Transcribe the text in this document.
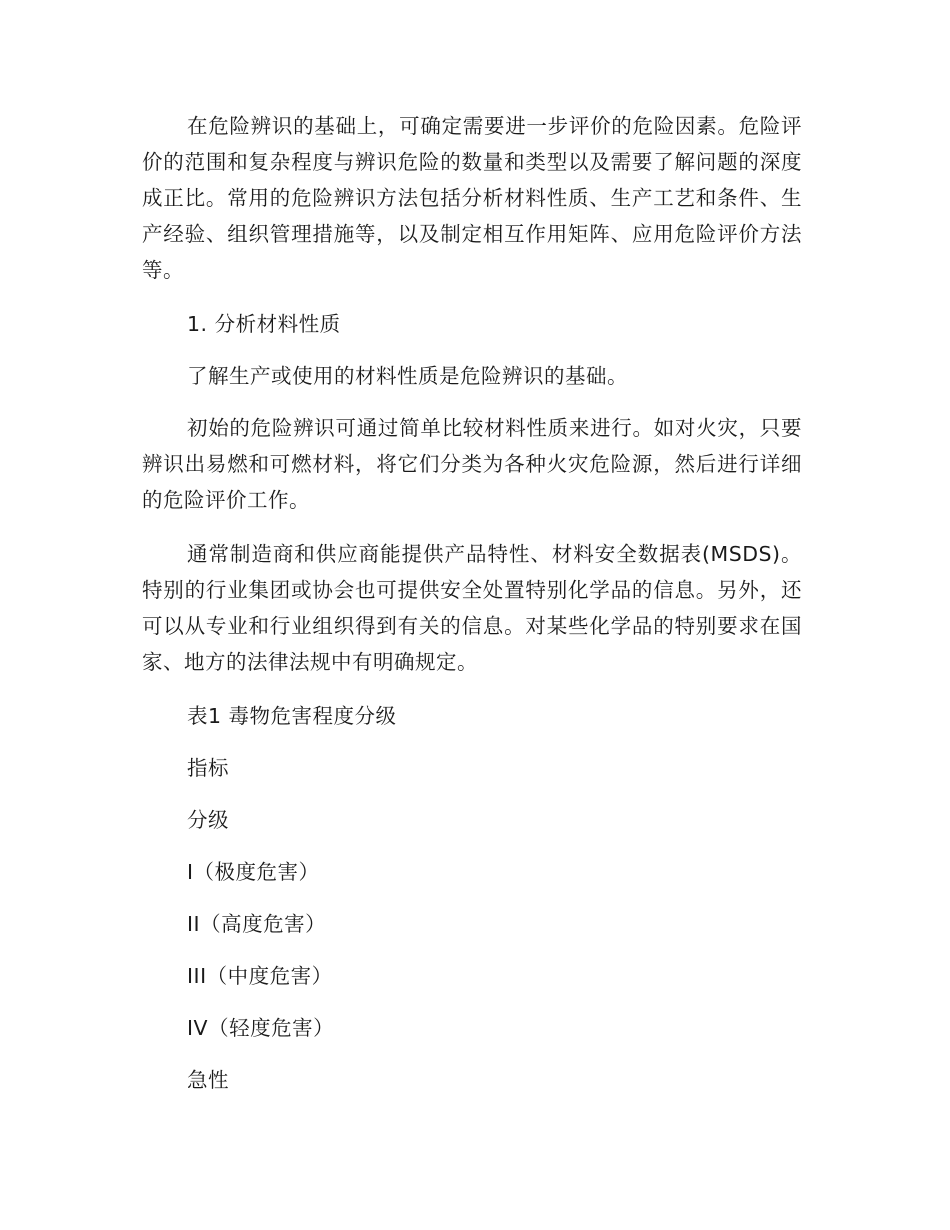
在危险辨识的基础上，可确定需要进一步评价的危险因素。危险评价的范围和复杂程度与辨识危险的数量和类型以及需要了解问题的深度成正比。常用的危险辨识方法包括分析材料性质、生产工艺和条件、生产经验、组织管理措施等，以及制定相互作用矩阵、应用危险评价方法等。

1. 分析材料性质
了解生产或使用的材料性质是危险辨识的基础。

初始的危险辨识可通过简单比较材料性质来进行。如对火灾，只要辨识出易燃和可燃材料，将它们分类为各种火灾危险源，然后进行详细的危险评价工作。

通常制造商和供应商能提供产品特性、材料安全数据表(MSDS)。特别的行业集团或协会也可提供安全处置特别化学品的信息。另外，还可以从专业和行业组织得到有关的信息。对某些化学品的特别要求在国家、地方的法律法规中有明确规定。

表1 毒物危害程度分级
指标
分级
I（极度危害）
II（高度危害）
III（中度危害）
IV（轻度危害）
急性
